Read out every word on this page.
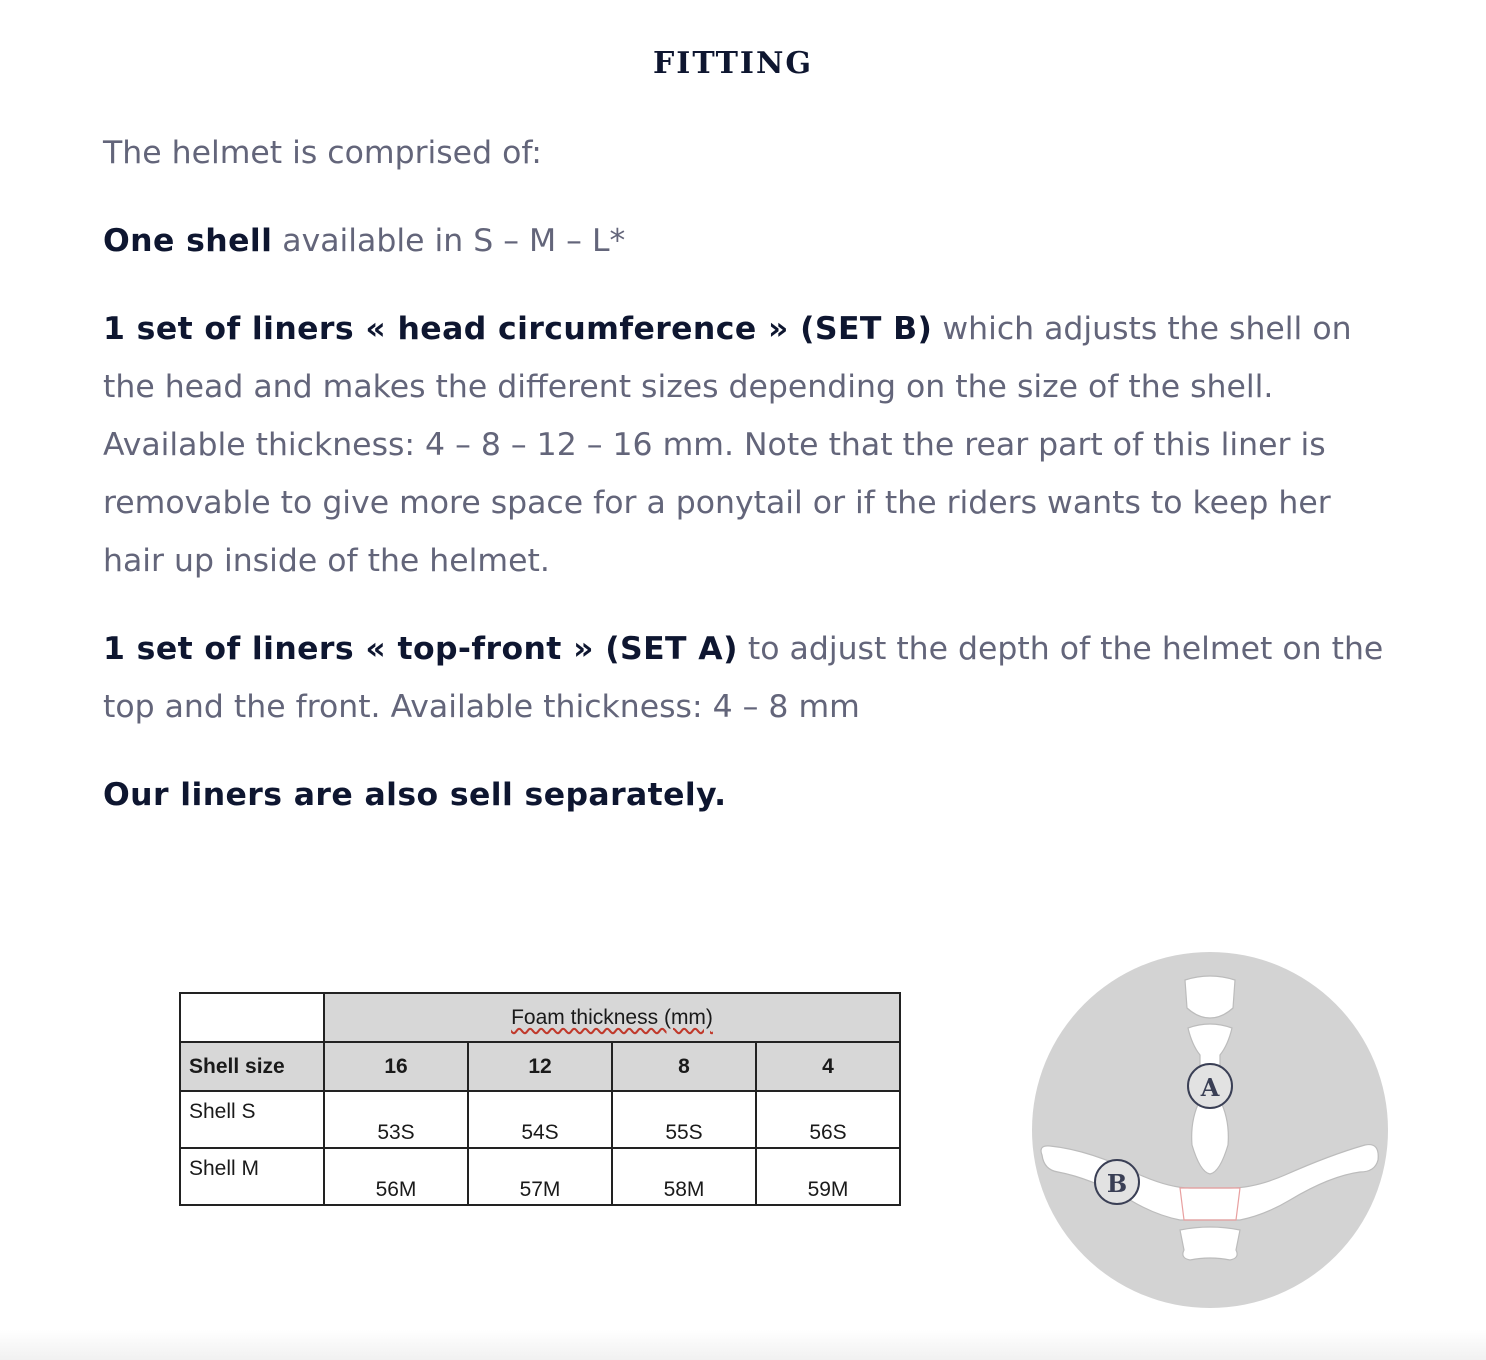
FITTING

The helmet is comprised of:

One shell available in S – M – L*

1 set of liners « head circumference » (SET B) which adjusts the shell on the head and makes the different sizes depending on the size of the shell. Available thickness: 4 – 8 – 12 – 16 mm. Note that the rear part of this liner is removable to give more space for a ponytail or if the riders wants to keep her hair up inside of the helmet.

1 set of liners « top-front » (SET A) to adjust the depth of the helmet on the top and the front. Available thickness: 4 – 8 mm

Our liners are also sell separately.

	Foam thickness (mm)			
Shell size	16	12	8	4
Shell S	53S	54S	55S	56S
Shell M	56M	57M	58M	59M
A
B
